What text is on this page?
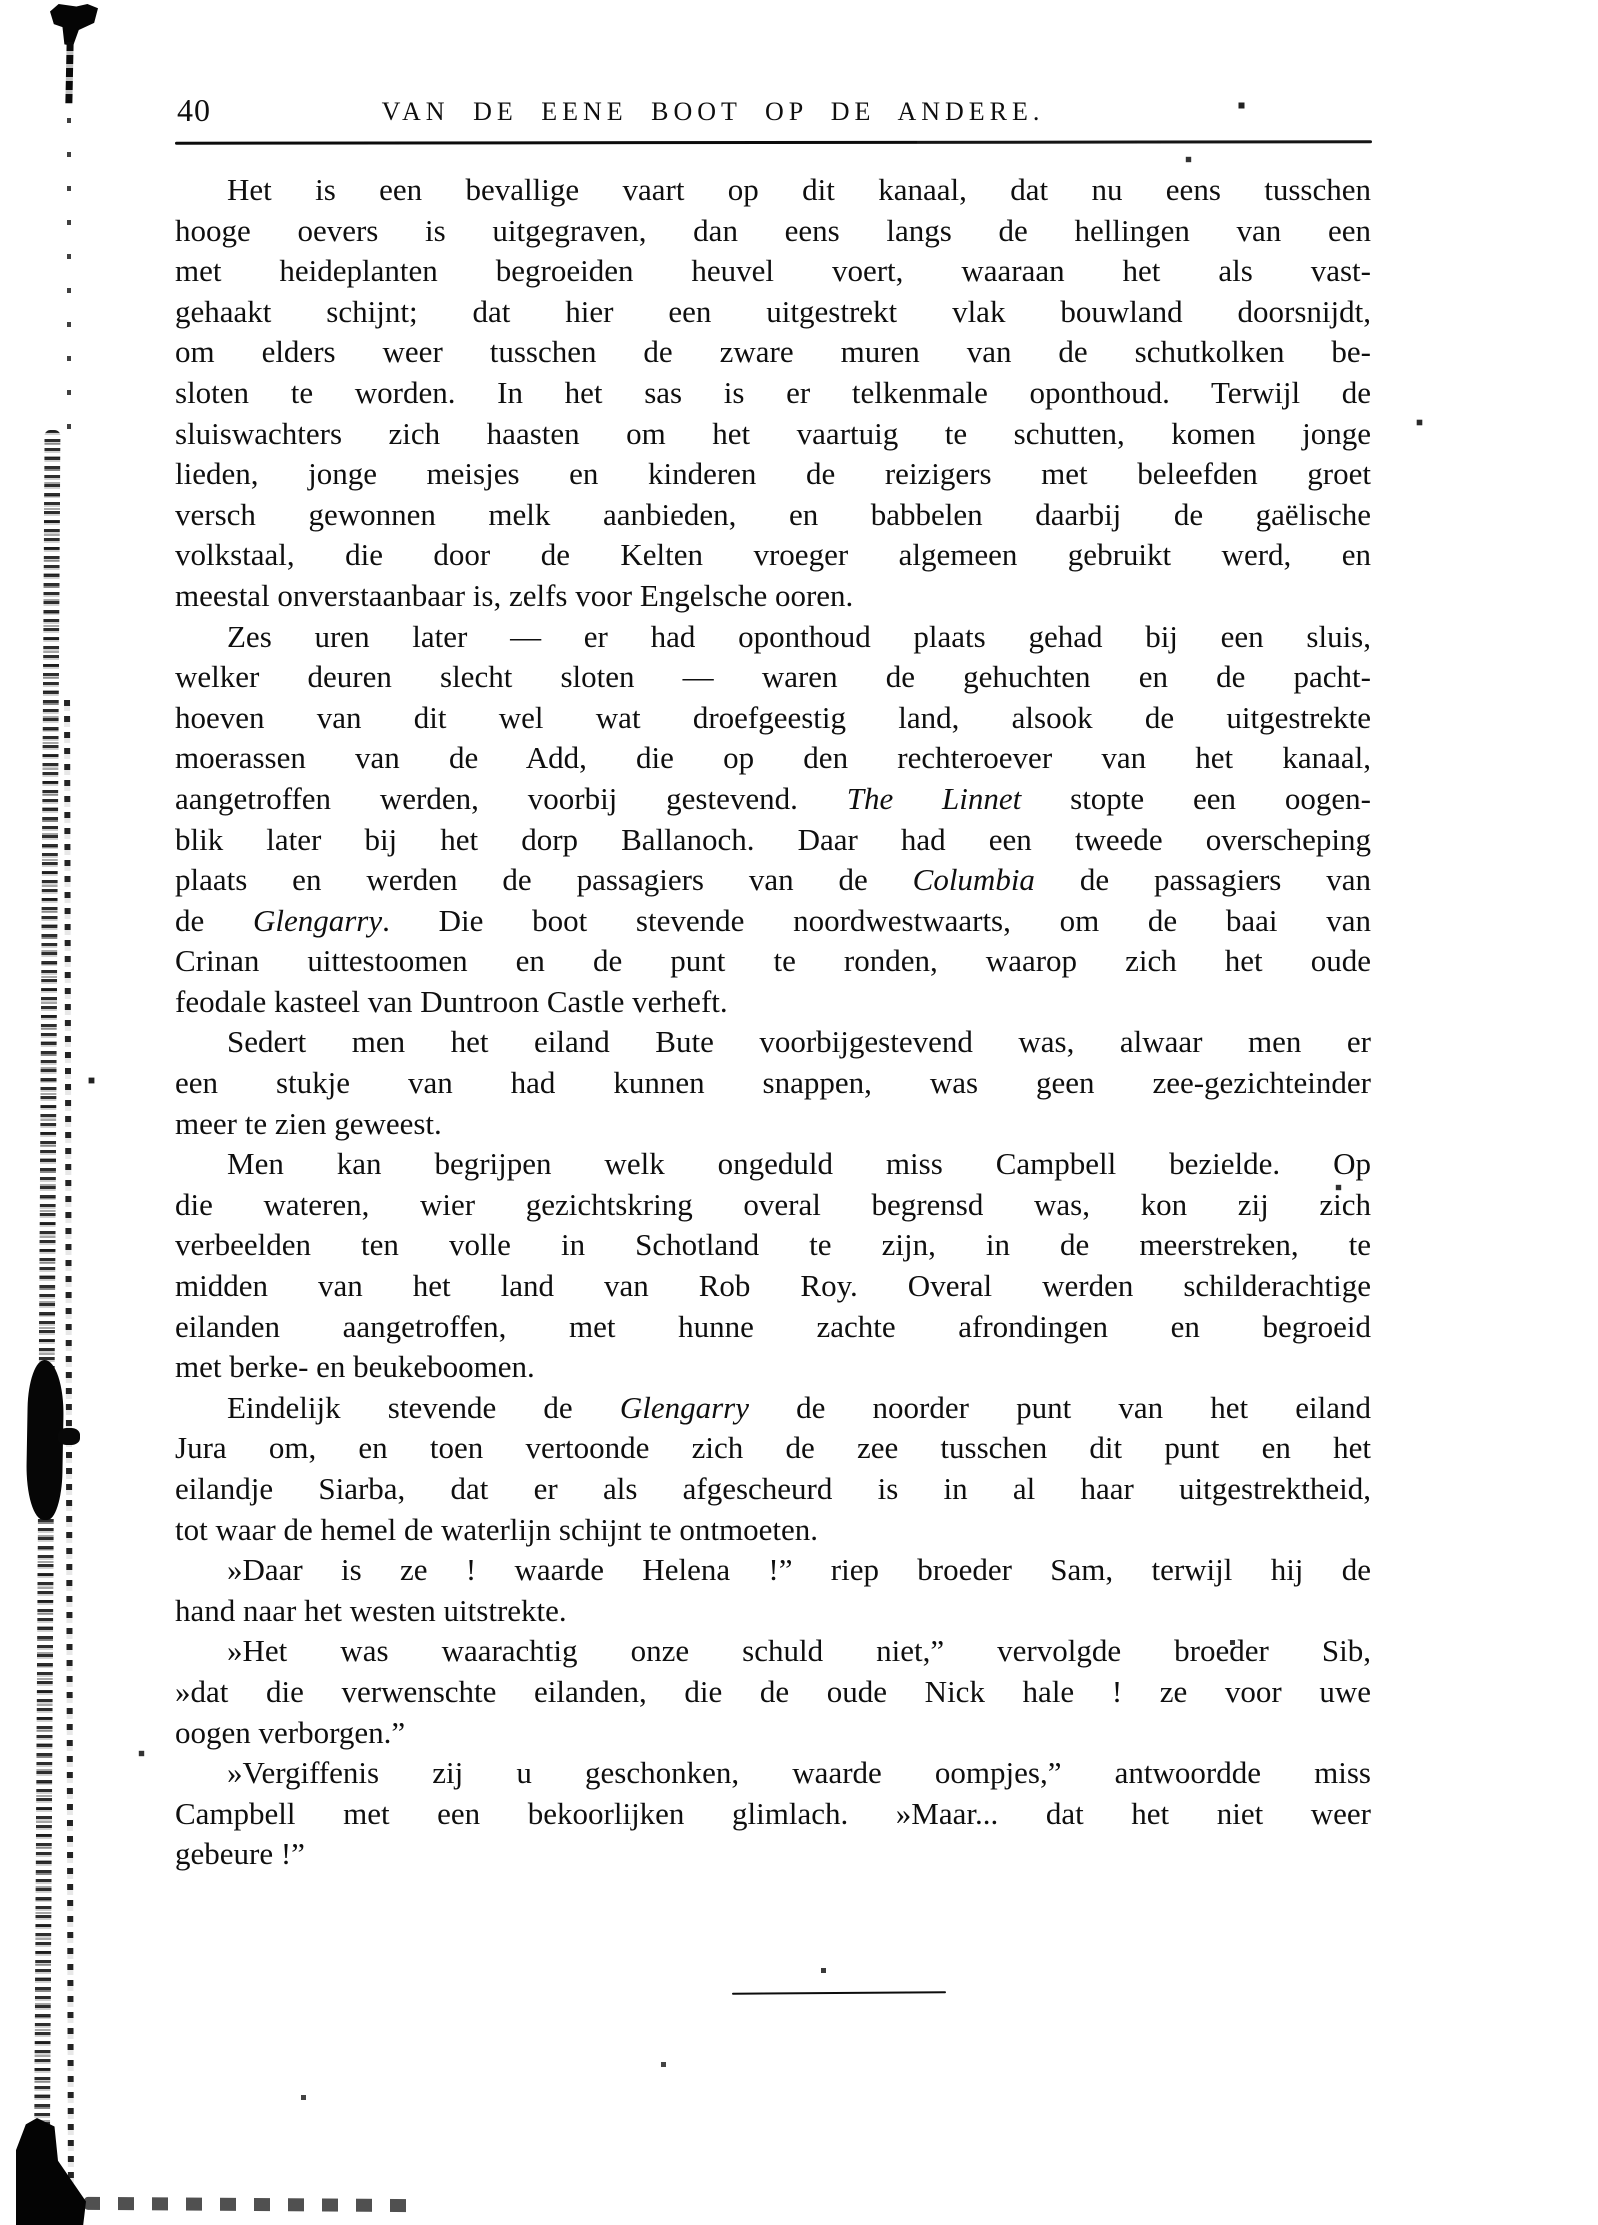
40	VAN DE EENE BOOT OP DE ANDERE.
Het is een bevallige vaart op dit kanaal, dat nu eens tusschen
hooge oevers is uitgegraven, dan eens langs de hellingen van een
met heideplanten begroeiden heuvel voert, waaraan het als vast-
gehaakt schijnt; dat hier een uitgestrekt vlak bouwland doorsnijdt,
om elders weer tusschen de zware muren van de schutkolken be-
sloten te worden. In het sas is er telkenmale oponthoud. Terwijl de
sluiswachters zich haasten om het vaartuig te schutten, komen jonge
lieden, jonge meisjes en kinderen de reizigers met beleefden groet
versch gewonnen melk aanbieden, en babbelen daarbij de gaëlische
volkstaal, die door de Kelten vroeger algemeen gebruikt werd, en
meestal onverstaanbaar is, zelfs voor Engelsche ooren.
Zes uren later — er had oponthoud plaats gehad bij een sluis,
welker deuren slecht sloten — waren de gehuchten en de pacht-
hoeven van dit wel wat droefgeestig land, alsook de uitgestrekte
moerassen van de Add, die op den rechteroever van het kanaal,
aangetroffen werden, voorbij gestevend. The Linnet stopte een oogen-
blik later bij het dorp Ballanoch. Daar had een tweede overscheping
plaats en werden de passagiers van de Columbia de passagiers van
de Glengarry. Die boot stevende noordwestwaarts, om de baai van
Crinan uittestoomen en de punt te ronden, waarop zich het oude
feodale kasteel van Duntroon Castle verheft.
Sedert men het eiland Bute voorbijgestevend was, alwaar men er
een stukje van had kunnen snappen, was geen zee-gezichteinder
meer te zien geweest.
Men kan begrijpen welk ongeduld miss Campbell bezielde. Op
die wateren, wier gezichtskring overal begrensd was, kon zij zich
verbeelden ten volle in Schotland te zijn, in de meerstreken, te
midden van het land van Rob Roy. Overal werden schilderachtige
eilanden aangetroffen, met hunne zachte afrondingen en begroeid
met berke- en beukeboomen.
Eindelijk stevende de Glengarry de noorder punt van het eiland
Jura om, en toen vertoonde zich de zee tusschen dit punt en het
eilandje Siarba, dat er als afgescheurd is in al haar uitgestrektheid,
tot waar de hemel de waterlijn schijnt te ontmoeten.
»Daar is ze ! waarde Helena !” riep broeder Sam, terwijl hij de
hand naar het westen uitstrekte.
»Het was waarachtig onze schuld niet,” vervolgde broeder Sib,
»dat die verwenschte eilanden, die de oude Nick hale ! ze voor uwe
oogen verborgen.”
»Vergiffenis zij u geschonken, waarde oompjes,” antwoordde miss
Campbell met een bekoorlijken glimlach. »Maar... dat het niet weer
gebeure !”
